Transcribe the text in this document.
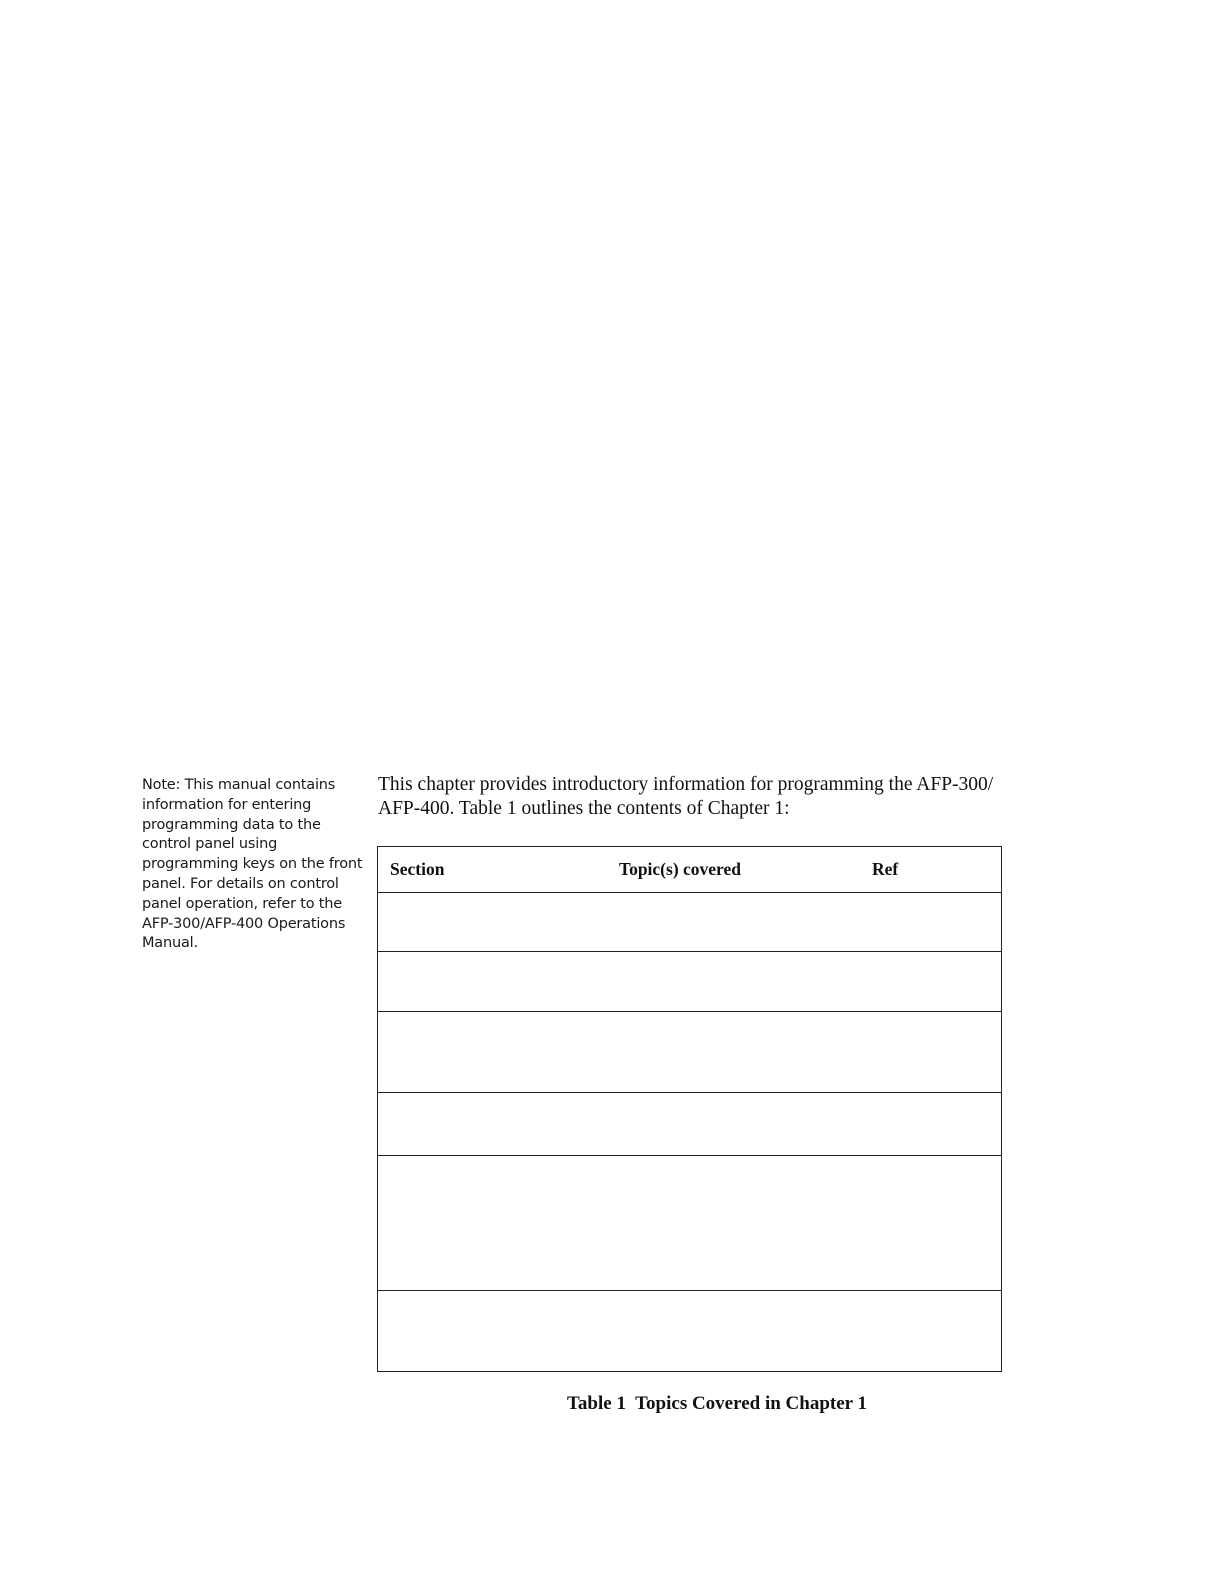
Note: This manual contains
information for entering
programming data to the
control panel using
programming keys on the front
panel. For details on control
panel operation, refer to the
AFP-300/AFP-400 Operations
Manual.
This chapter provides introductory information for programming the AFP-300/
AFP-400. Table 1 outlines the contents of Chapter 1:
Section	Topic(s) covered	Ref

Table 1  Topics Covered in Chapter 1
